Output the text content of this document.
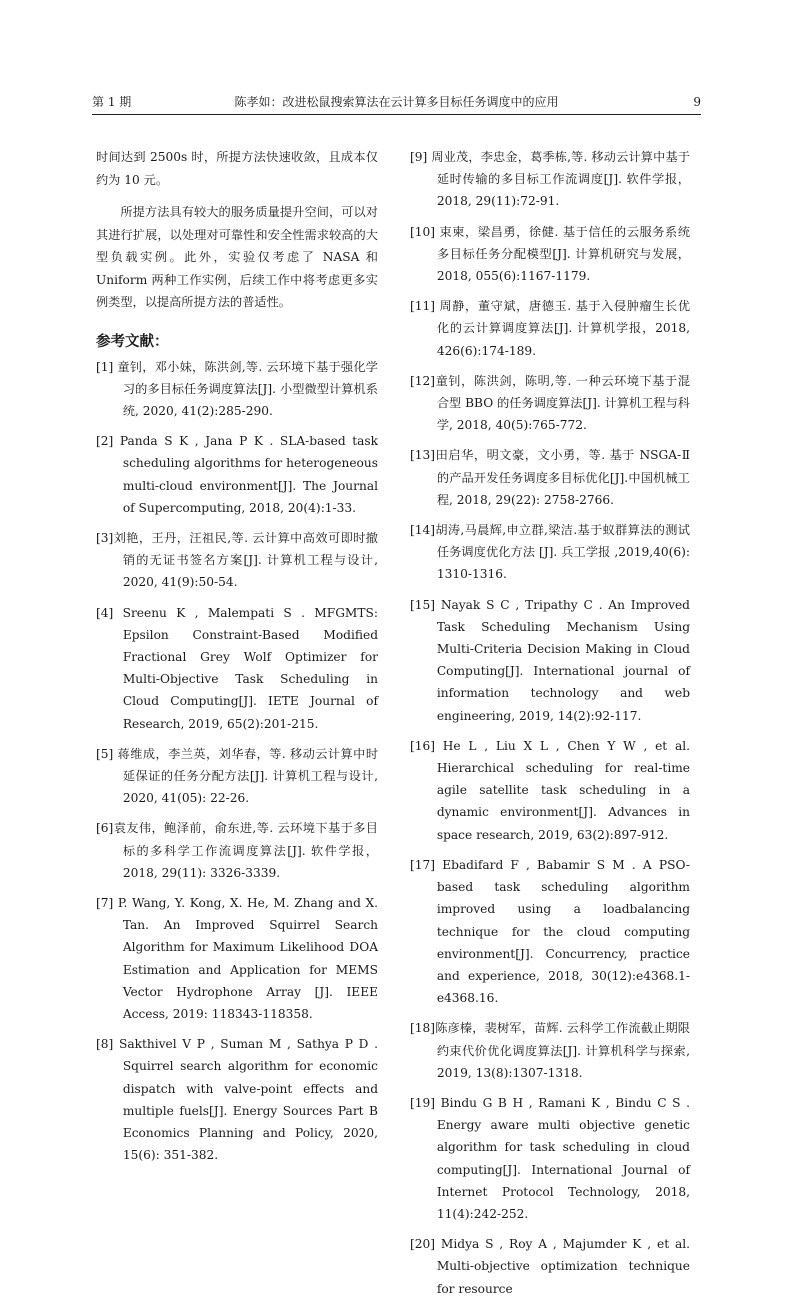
第 1 期	陈孝如：改进松鼠搜索算法在云计算多目标任务调度中的应用	9

时间达到 2500s 时，所提方法快速收敛，且成本仅约为 10 元。

所提方法具有较大的服务质量提升空间，可以对其进行扩展，以处理对可靠性和安全性需求较高的大型负载实例。此外，实验仅考虑了 NASA 和 Uniform 两种工作实例，后续工作中将考虑更多实例类型，以提高所提方法的普适性。

参考文献：

[1] 童钊，邓小妹，陈洪剑,等. 云环境下基于强化学习的多目标任务调度算法[J]. 小型微型计算机系统, 2020, 41(2):285-290.

[2] Panda S K , Jana P K . SLA-based task scheduling algorithms for heterogeneous multi-cloud environment[J]. The Journal of Supercomputing, 2018, 20(4):1-33.

[3]刘艳，王丹，汪祖民,等. 云计算中高效可即时撤销的无证书签名方案[J]. 计算机工程与设计, 2020, 41(9):50-54.

[4] Sreenu K , Malempati S . MFGMTS: Epsilon Constraint-Based Modified Fractional Grey Wolf Optimizer for Multi-Objective Task Scheduling in Cloud Computing[J]. IETE Journal of Research, 2019, 65(2):201-215.

[5] 蒋维成，李兰英，刘华春，等. 移动云计算中时延保证的任务分配方法[J]. 计算机工程与设计, 2020, 41(05): 22-26.

[6]袁友伟，鲍泽前，俞东进,等. 云环境下基于多目标的多科学工作流调度算法[J]. 软件学报，2018, 29(11): 3326-3339.

[7] P. Wang, Y. Kong, X. He, M. Zhang and X. Tan. An Improved Squirrel Search Algorithm for Maximum Likelihood DOA Estimation and Application for MEMS Vector Hydrophone Array [J]. IEEE Access, 2019: 118343-118358.

[8] Sakthivel V P , Suman M , Sathya P D . Squirrel search algorithm for economic dispatch with valve-point effects and multiple fuels[J]. Energy Sources Part B Economics Planning and Policy, 2020, 15(6): 351-382.

[9] 周业茂，李忠金，葛季栋,等. 移动云计算中基于延时传输的多目标工作流调度[J]. 软件学报，2018, 29(11):72-91.

[10] 束柬，梁昌勇，徐健. 基于信任的云服务系统多目标任务分配模型[J]. 计算机研究与发展，2018, 055(6):1167-1179.

[11] 周静，董守斌，唐德玉. 基于入侵肿瘤生长优化的云计算调度算法[J]. 计算机学报，2018, 426(6):174-189.

[12]童钊，陈洪剑，陈明,等. 一种云环境下基于混合型 BBO 的任务调度算法[J]. 计算机工程与科学, 2018, 40(5):765-772.

[13]田启华，明文豪，文小勇，等. 基于 NSGA-Ⅱ的产品开发任务调度多目标优化[J].中国机械工程, 2018, 29(22): 2758-2766.

[14]胡涛,马晨辉,申立群,梁洁.基于蚁群算法的测试任务调度优化方法 [J]. 兵工学报 ,2019,40(6): 1310-1316.

[15] Nayak S C , Tripathy C . An Improved Task Scheduling Mechanism Using Multi-Criteria Decision Making in Cloud Computing[J]. International journal of information technology and web engineering, 2019, 14(2):92-117.

[16] He L , Liu X L , Chen Y W , et al. Hierarchical scheduling for real-time agile satellite task scheduling in a dynamic environment[J]. Advances in space research, 2019, 63(2):897-912.

[17] Ebadifard F , Babamir S M . A PSO-based task scheduling algorithm improved using a loadbalancing technique for the cloud computing environment[J]. Concurrency, practice and experience, 2018, 30(12):e4368.1-e4368.16.

[18]陈彦榛，裴树军，苗辉. 云科学工作流截止期限约束代价优化调度算法[J]. 计算机科学与探索, 2019, 13(8):1307-1318.

[19] Bindu G B H , Ramani K , Bindu C S . Energy aware multi objective genetic algorithm for task scheduling in cloud computing[J]. International Journal of Internet Protocol Technology, 2018, 11(4):242-252.

[20] Midya S , Roy A , Majumder K , et al. Multi-objective optimization technique for resource
